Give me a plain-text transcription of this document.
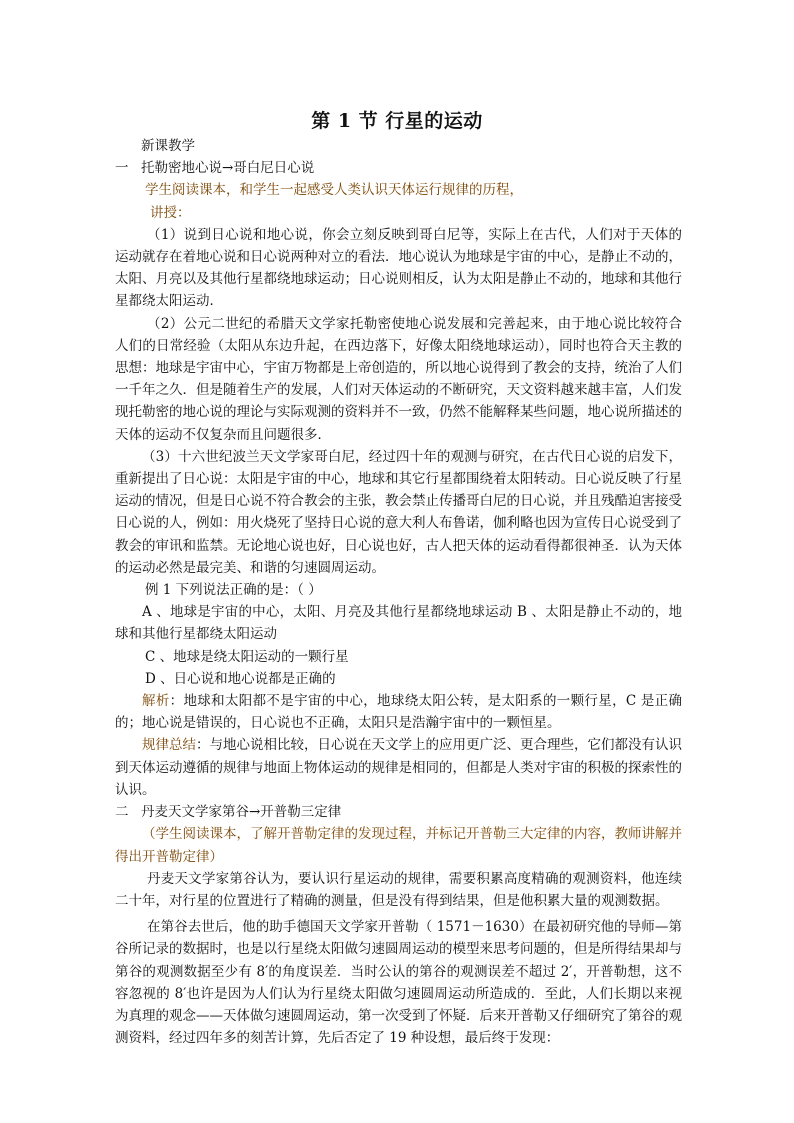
第 1 节 行星的运动

新课教学

一 托勒密地心说→哥白尼日心说

学生阅读课本，和学生一起感受人类认识天体运行规律的历程，

讲授：

（1）说到日心说和地心说，你会立刻反映到哥白尼等，实际上在古代，人们对于天体的运动就存在着地心说和日心说两种对立的看法．地心说认为地球是宇宙的中心，是静止不动的，太阳、月亮以及其他行星都绕地球运动；日心说则相反，认为太阳是静止不动的，地球和其他行星都绕太阳运动．

（2）公元二世纪的希腊天文学家托勒密使地心说发展和完善起来，由于地心说比较符合人们的日常经验（太阳从东边升起，在西边落下，好像太阳绕地球运动），同时也符合天主教的思想：地球是宇宙中心，宇宙万物都是上帝创造的，所以地心说得到了教会的支持，统治了人们一千年之久．但是随着生产的发展，人们对天体运动的不断研究，天文资料越来越丰富，人们发现托勒密的地心说的理论与实际观测的资料并不一致，仍然不能解释某些问题，地心说所描述的天体的运动不仅复杂而且问题很多．

（3）十六世纪波兰天文学家哥白尼，经过四十年的观测与研究，在古代日心说的启发下，重新提出了日心说：太阳是宇宙的中心，地球和其它行星都围绕着太阳转动。日心说反映了行星运动的情况，但是日心说不符合教会的主张，教会禁止传播哥白尼的日心说，并且残酷迫害接受日心说的人，例如：用火烧死了坚持日心说的意大利人布鲁诺，伽利略也因为宣传日心说受到了教会的审讯和监禁。无论地心说也好，日心说也好，古人把天体的运动看得都很神圣．认为天体的运动必然是最完美、和谐的匀速圆周运动。

例 1 下列说法正确的是：（ ）

A 、地球是宇宙的中心，太阳、月亮及其他行星都绕地球运动 B 、太阳是静止不动的，地球和其他行星都绕太阳运动

C 、地球是绕太阳运动的一颗行星

D 、日心说和地心说都是正确的

解析：地球和太阳都不是宇宙的中心，地球绕太阳公转，是太阳系的一颗行星，C 是正确的；地心说是错误的，日心说也不正确，太阳只是浩瀚宇宙中的一颗恒星。

规律总结：与地心说相比较，日心说在天文学上的应用更广泛、更合理些，它们都没有认识到天体运动遵循的规律与地面上物体运动的规律是相同的，但都是人类对宇宙的积极的探索性的认识。

二 丹麦天文学家第谷→开普勒三定律

（学生阅读课本，了解开普勒定律的发现过程，并标记开普勒三大定律的内容，教师讲解并得出开普勒定律）

丹麦天文学家第谷认为，要认识行星运动的规律，需要积累高度精确的观测资料，他连续二十年，对行星的位置进行了精确的测量，但是没有得到结果，但是他积累大量的观测数据。

在第谷去世后，他的助手德国天文学家开普勒（ 1571－1630）在最初研究他的导师—第谷所记录的数据时，也是以行星绕太阳做匀速圆周运动的模型来思考问题的，但是所得结果却与第谷的观测数据至少有 8′的角度误差．当时公认的第谷的观测误差不超过 2′，开普勒想，这不容忽视的 8′也许是因为人们认为行星绕太阳做匀速圆周运动所造成的．至此，人们长期以来视为真理的观念——天体做匀速圆周运动，第一次受到了怀疑．后来开普勒又仔细研究了第谷的观测资料，经过四年多的刻苦计算，先后否定了 19 种设想，最后终于发现：
